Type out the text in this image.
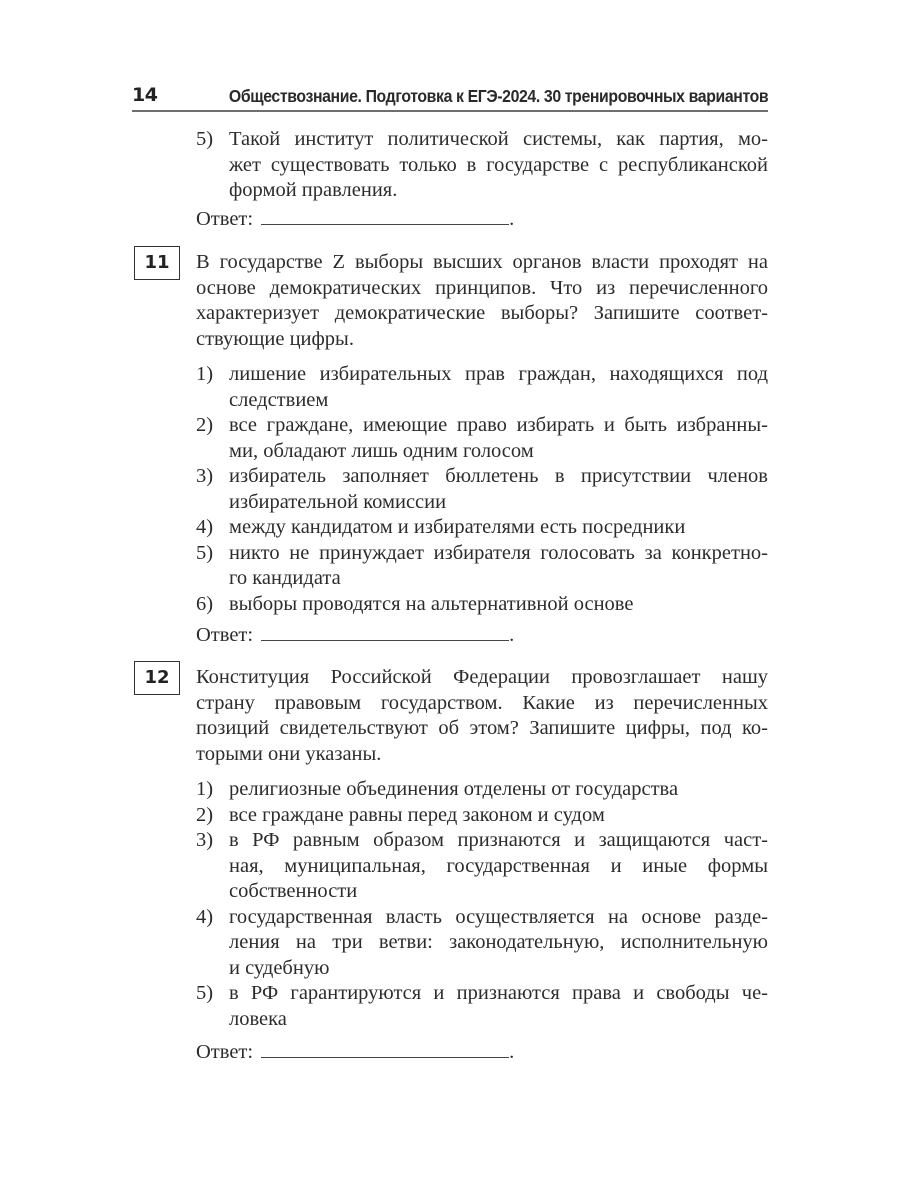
14	Обществознание. Подготовка к ЕГЭ-2024. 30 тренировочных вариантов
5) Такой институт политической системы, как партия, мо-
жет существовать только в государстве с республиканской
формой правления.
Ответ:	.
11	В государстве Z выборы высших органов власти проходят на
основе демократических принципов. Что из перечисленного
характеризует демократические выборы? Запишите соответ-
ствующие цифры.
1) лишение избирательных прав граждан, находящихся под
следствием
2) все граждане, имеющие право избирать и быть избранны-
ми, обладают лишь одним голосом
3) избиратель заполняет бюллетень в присутствии членов
избирательной комиссии
4) между кандидатом и избирателями есть посредники
5) никто не принуждает избирателя голосовать за конкретно-
го кандидата
6) выборы проводятся на альтернативной основе
Ответ:	.
12	Конституция Российской Федерации провозглашает нашу
страну правовым государством. Какие из перечисленных
позиций свидетельствуют об этом? Запишите цифры, под ко-
торыми они указаны.
1) религиозные объединения отделены от государства
2) все граждане равны перед законом и судом
3) в РФ равным образом признаются и защищаются част-
ная, муниципальная, государственная и иные формы
собственности
4) государственная власть осуществляется на основе разде-
ления на три ветви: законодательную, исполнительную
и судебную
5) в РФ гарантируются и признаются права и свободы че-
ловека
Ответ:	.
